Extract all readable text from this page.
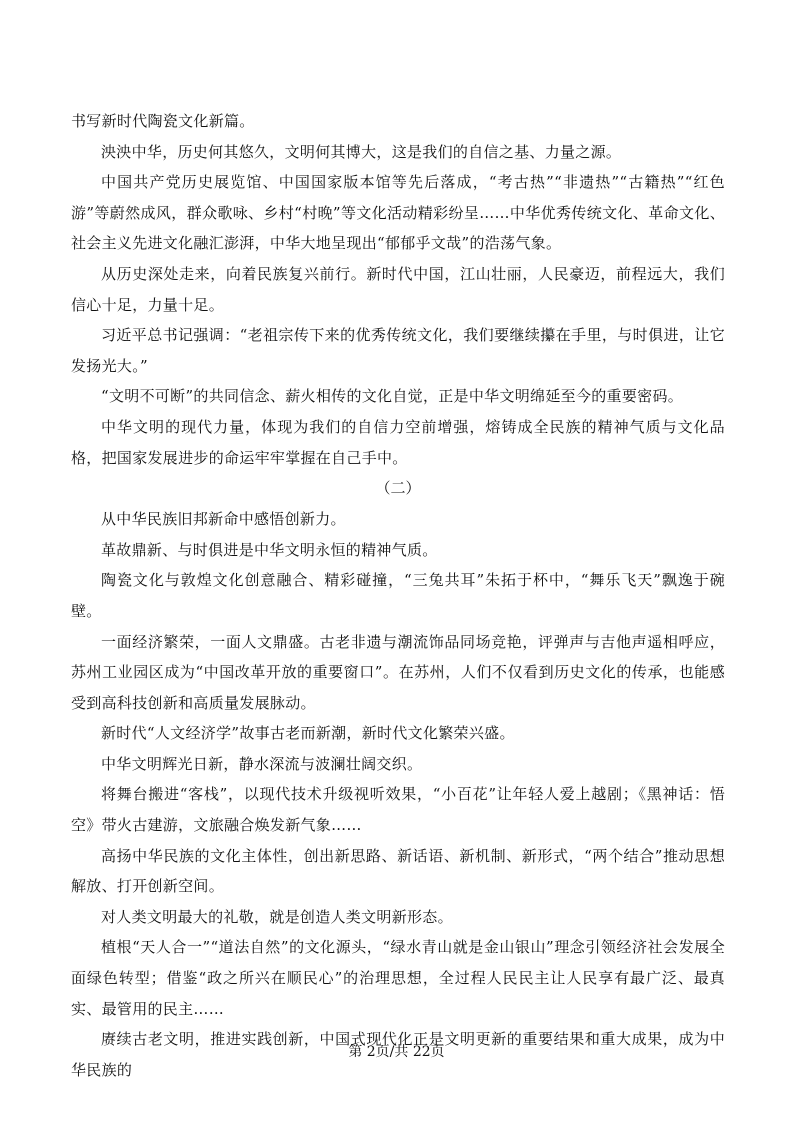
书写新时代陶瓷文化新篇。

泱泱中华，历史何其悠久，文明何其博大，这是我们的自信之基、力量之源。

中国共产党历史展览馆、中国国家版本馆等先后落成，“考古热”“非遗热”“古籍热”“红色游”等蔚然成风，群众歌咏、乡村“村晚”等文化活动精彩纷呈……中华优秀传统文化、革命文化、社会主义先进文化融汇澎湃，中华大地呈现出“郁郁乎文哉”的浩荡气象。

从历史深处走来，向着民族复兴前行。新时代中国，江山壮丽，人民豪迈，前程远大，我们信心十足，力量十足。

习近平总书记强调：“老祖宗传下来的优秀传统文化，我们要继续攥在手里，与时俱进，让它发扬光大。”

“文明不可断”的共同信念、薪火相传的文化自觉，正是中华文明绵延至今的重要密码。

中华文明的现代力量，体现为我们的自信力空前增强，熔铸成全民族的精神气质与文化品格，把国家发展进步的命运牢牢掌握在自己手中。

（二）

从中华民族旧邦新命中感悟创新力。

革故鼎新、与时俱进是中华文明永恒的精神气质。

陶瓷文化与敦煌文化创意融合、精彩碰撞，“三兔共耳”朱拓于杯中，“舞乐飞天”飘逸于碗壁。

一面经济繁荣，一面人文鼎盛。古老非遗与潮流饰品同场竞艳，评弹声与吉他声遥相呼应，苏州工业园区成为“中国改革开放的重要窗口”。在苏州，人们不仅看到历史文化的传承，也能感受到高科技创新和高质量发展脉动。

新时代“人文经济学”故事古老而新潮，新时代文化繁荣兴盛。

中华文明辉光日新，静水深流与波澜壮阔交织。

将舞台搬进“客栈”，以现代技术升级视听效果，“小百花”让年轻人爱上越剧；《黑神话：悟空》带火古建游，文旅融合焕发新气象……

高扬中华民族的文化主体性，创出新思路、新话语、新机制、新形式，“两个结合”推动思想解放、打开创新空间。

对人类文明最大的礼敬，就是创造人类文明新形态。

植根“天人合一”“道法自然”的文化源头，“绿水青山就是金山银山”理念引领经济社会发展全面绿色转型；借鉴“政之所兴在顺民心”的治理思想，全过程人民民主让人民享有最广泛、最真实、最管用的民主……

赓续古老文明，推进实践创新，中国式现代化正是文明更新的重要结果和重大成果，成为中华民族的

第 2页/共 22页
